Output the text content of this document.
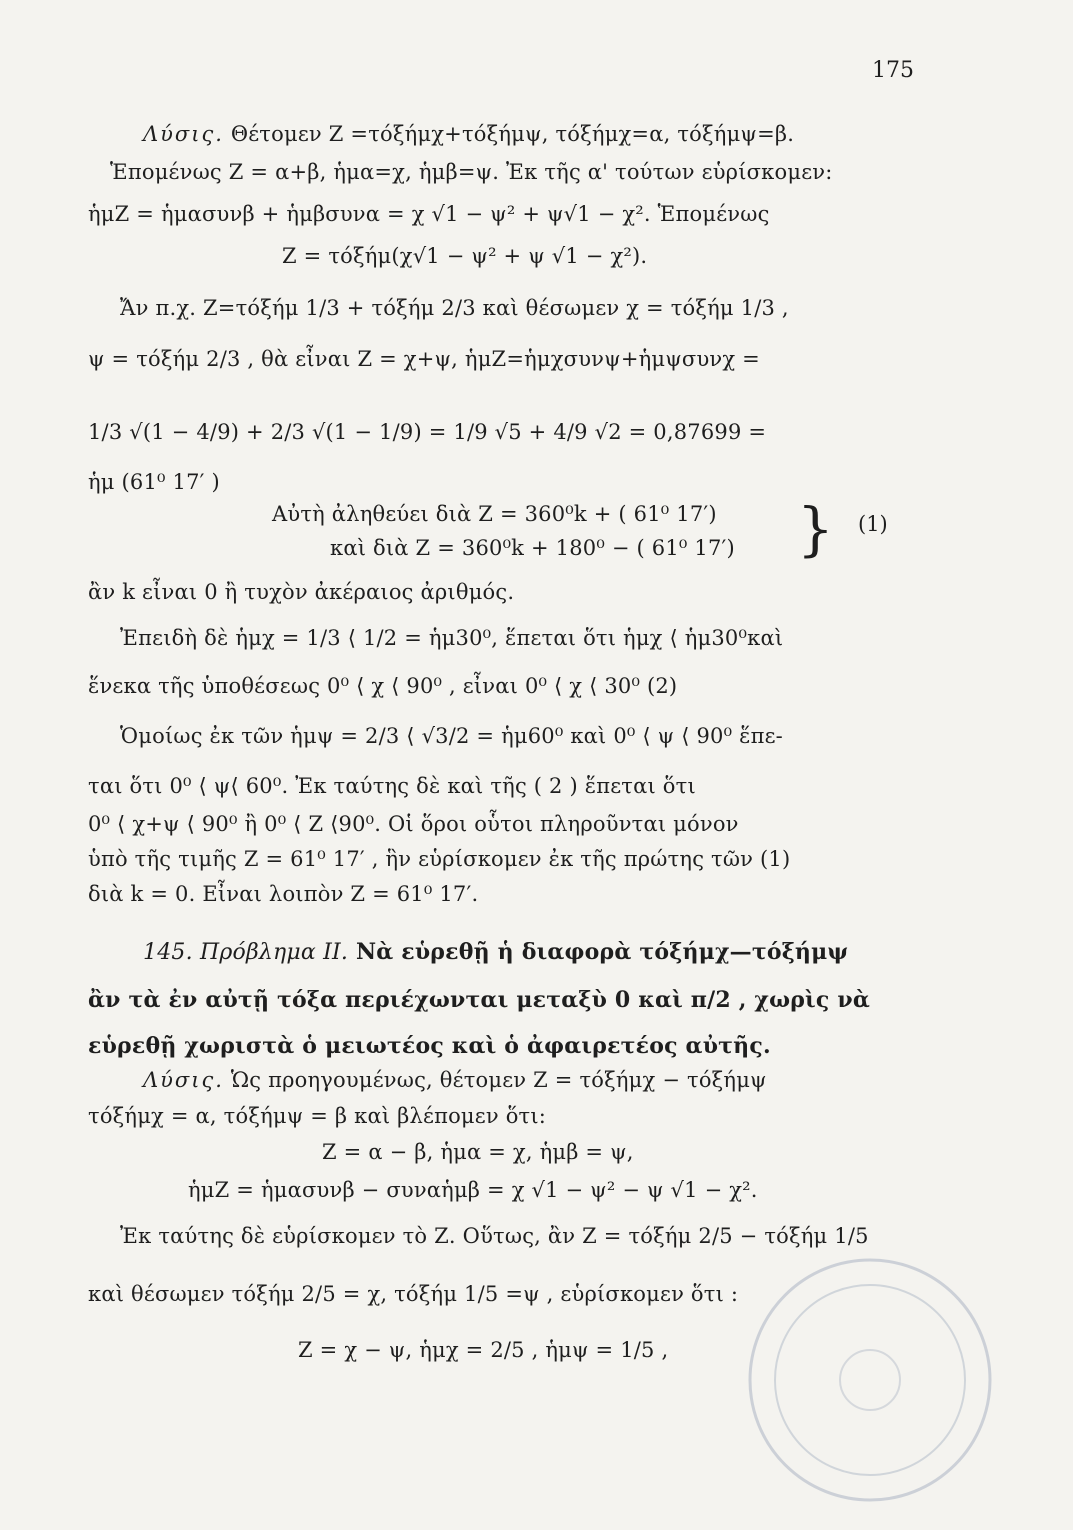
175
Λύσις. Θέτομεν Ζ =τόξήμχ+τόξήμψ, τόξήμχ=α, τόξήμψ=β.
Ἑπομένως Ζ = α+β, ἡμα=χ, ἡμβ=ψ. Ἐκ τῆς α' τούτων εὑρίσκομεν:
ἡμΖ = ἡμασυνβ + ἡμβσυνα = χ √1 − ψ² + ψ√1 − χ². Ἑπομένως
Ζ = τόξήμ(χ√1 − ψ² + ψ √1 − χ²).
Ἄν π.χ. Ζ=τόξήμ 1/3 + τόξήμ 2/3 καὶ θέσωμεν χ = τόξήμ 1/3 ,
ψ = τόξήμ 2/3 , θὰ εἶναι Ζ = χ+ψ, ἡμΖ=ἡμχσυνψ+ἡμψσυνχ =
1/3 √(1 − 4/9) + 2/3 √(1 − 1/9) = 1/9 √5 + 4/9 √2 = 0,87699 =
ἡμ (61⁰ 17′ )
Αὐτὴ ἀληθεύει διὰ Ζ = 360⁰k + ( 61⁰ 17′)
καὶ διὰ Ζ = 360⁰k + 180⁰ − ( 61⁰ 17′) } (1)
ἂν k εἶναι 0 ἢ τυχὸν ἀκέραιος ἀριθμός.
Ἐπειδὴ δὲ ἡμχ = 1/3 ⟨ 1/2 = ἡμ30⁰, ἕπεται ὅτι ἡμχ ⟨ ἡμ30⁰καὶ
ἕνεκα τῆς ὑποθέσεως 0⁰ ⟨ χ ⟨ 90⁰ , εἶναι 0⁰ ⟨ χ ⟨ 30⁰ (2)
Ὁμοίως ἐκ τῶν ἡμψ = 2/3 ⟨ √3/2 = ἡμ60⁰ καὶ 0⁰ ⟨ ψ ⟨ 90⁰ ἕπε-
ται ὅτι 0⁰ ⟨ ψ⟨ 60⁰. Ἐκ ταύτης δὲ καὶ τῆς ( 2 ) ἕπεται ὅτι
0⁰ ⟨ χ+ψ ⟨ 90⁰ ἢ 0⁰ ⟨ Ζ ⟨90⁰. Οἱ ὅροι οὗτοι πληροῦνται μόνον
ὑπὸ τῆς τιμῆς Ζ = 61⁰ 17′ , ἣν εὑρίσκομεν ἐκ τῆς πρώτης τῶν (1)
διὰ k = 0. Εἶναι λοιπὸν Ζ = 61⁰ 17′.
145. Πρόβλημα ΙΙ. Νὰ εὑρεθῇ ἡ διαφορὰ τόξήμχ—τόξήμψ
ἂν τὰ ἐν αὐτῇ τόξα περιέχωνται μεταξὺ 0 καὶ π/2 , χωρὶς νὰ
εὑρεθῇ χωριστὰ ὁ μειωτέος καὶ ὁ ἀφαιρετέος αὐτῆς.
Λύσις. Ὡς προηγουμένως, θέτομεν Ζ = τόξήμχ − τόξήμψ
τόξήμχ = α, τόξήμψ = β καὶ βλέπομεν ὅτι:
Ζ = α − β, ἡμα = χ, ἡμβ = ψ,
ἡμΖ = ἡμασυνβ − συναἡμβ = χ √1 − ψ² − ψ √1 − χ².
Ἐκ ταύτης δὲ εὑρίσκομεν τὸ Ζ. Οὕτως, ἂν Ζ = τόξήμ 2/5 − τόξήμ 1/5
καὶ θέσωμεν τόξήμ 2/5 = χ, τόξήμ 1/5 =ψ , εὑρίσκομεν ὅτι :
Ζ = χ − ψ, ἡμχ = 2/5 , ἡμψ = 1/5 ,
